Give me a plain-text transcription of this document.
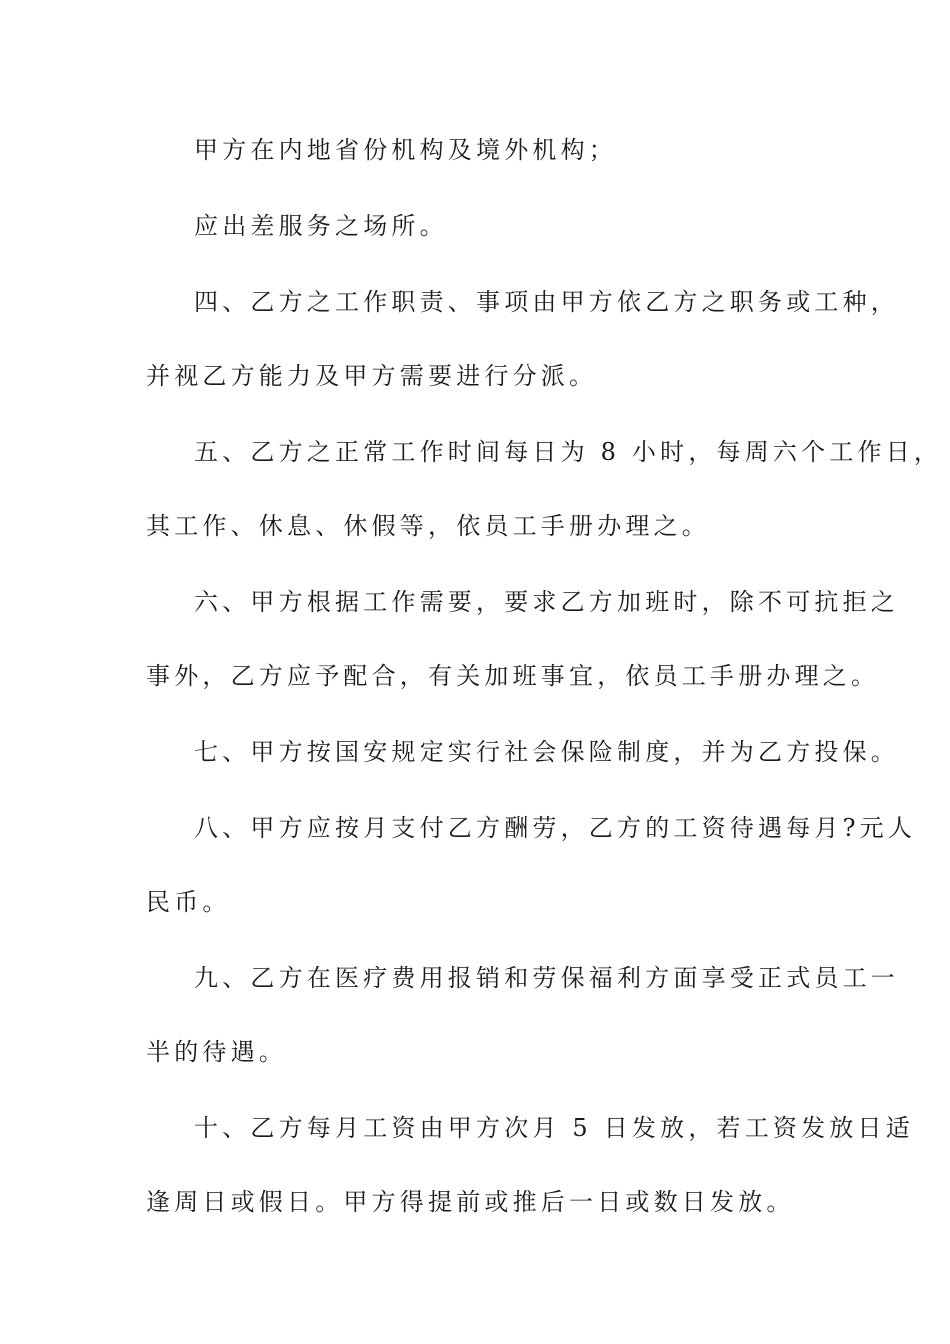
甲方在内地省份机构及境外机构；
应出差服务之场所。
四、乙方之工作职责、事项由甲方依乙方之职务或工种，
并视乙方能力及甲方需要进行分派。
五、乙方之正常工作时间每日为 8 小时，每周六个工作日，
其工作、休息、休假等，依员工手册办理之。
六、甲方根据工作需要，要求乙方加班时，除不可抗拒之
事外，乙方应予配合，有关加班事宜，依员工手册办理之。
七、甲方按国安规定实行社会保险制度，并为乙方投保。
八、甲方应按月支付乙方酬劳，乙方的工资待遇每月?元人
民币。
九、乙方在医疗费用报销和劳保福利方面享受正式员工一
半的待遇。
十、乙方每月工资由甲方次月 5 日发放，若工资发放日适
逢周日或假日。甲方得提前或推后一日或数日发放。
